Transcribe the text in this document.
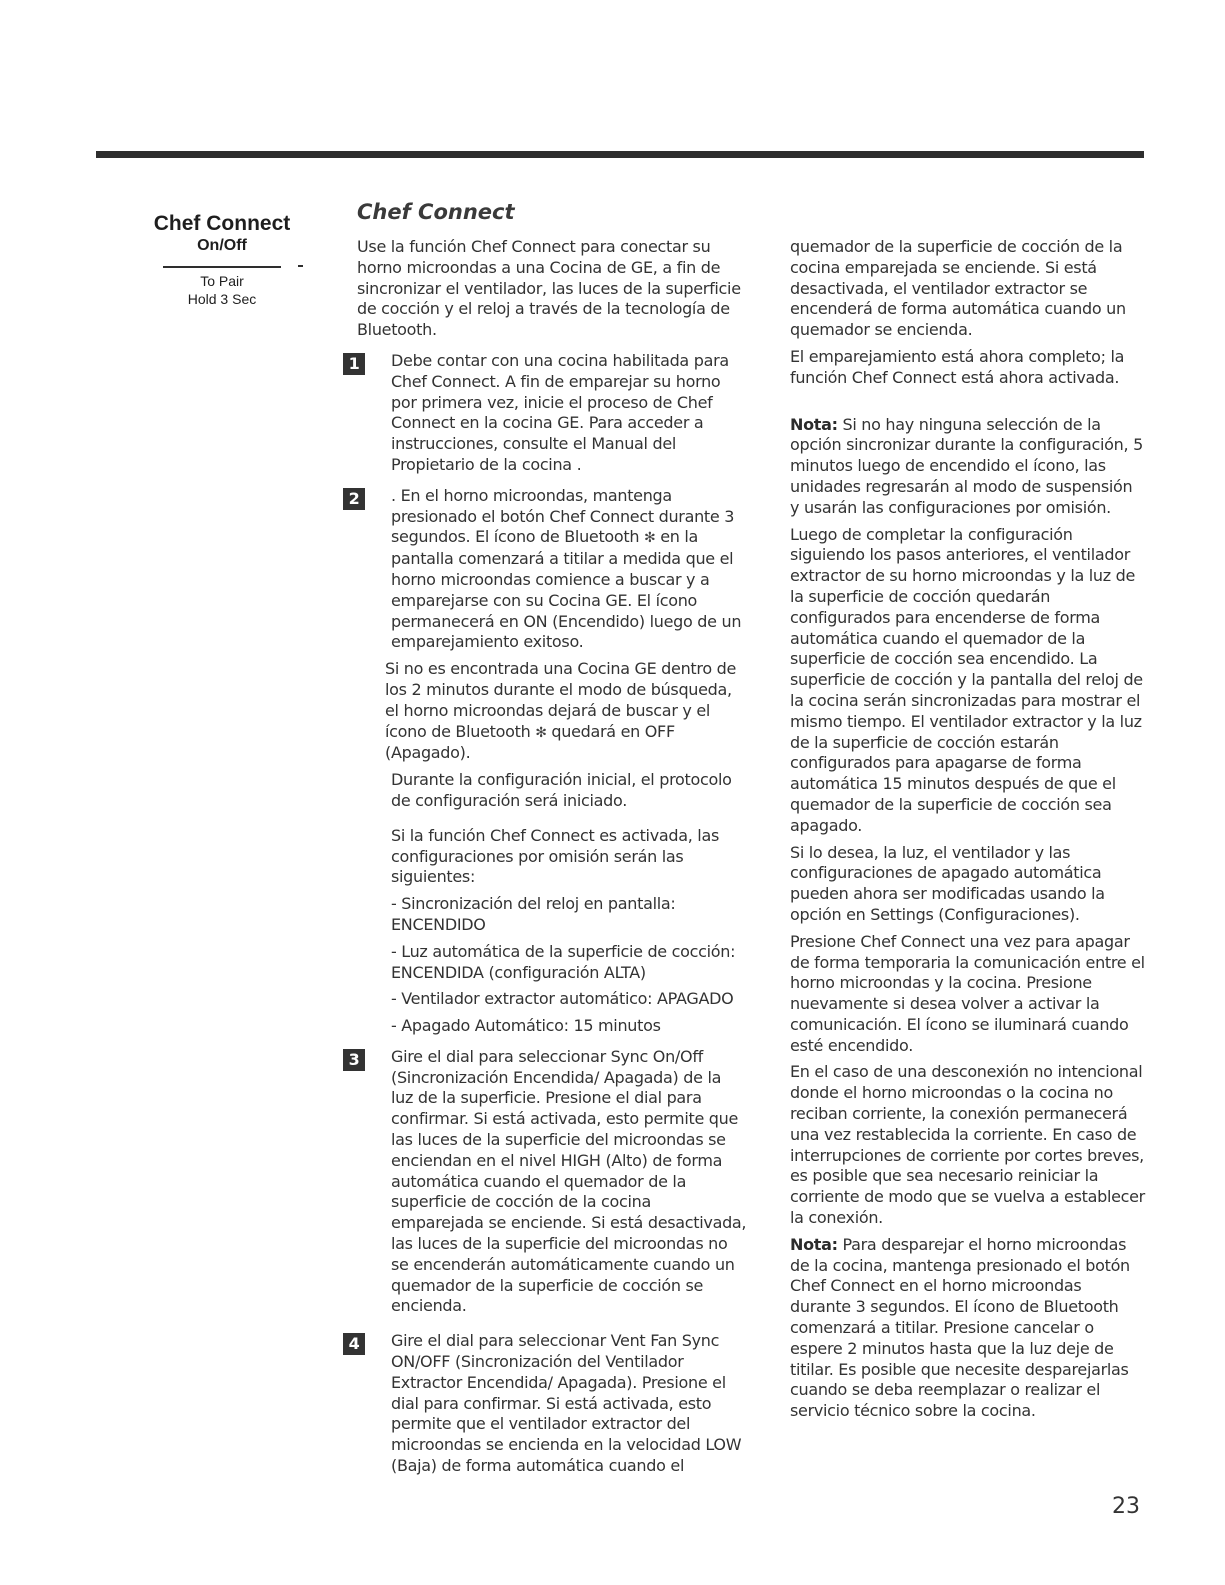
Chef Connect
On/Off
To Pair
Hold 3 Sec
Chef Connect

Use la función Chef Connect para conectar su horno microondas a una Cocina de GE, a fin de sincronizar el ventilador, las luces de la superficie de cocción y el reloj a través de la tecnología de Bluetooth.

1	Debe contar con una cocina habilitada para Chef Connect. A fin de emparejar su horno por primera vez, inicie el proceso de Chef Connect en la cocina GE. Para acceder a instrucciones, consulte el Manual del Propietario de la cocina .
2	. En el horno microondas, mantenga presionado el botón Chef Connect durante 3 segundos. El ícono de Bluetooth ✻ en la pantalla comenzará a titilar a medida que el horno microondas comience a buscar y a emparejarse con su Cocina GE. El ícono permanecerá en ON (Encendido) luego de un emparejamiento exitoso.

Si no es encontrada una Cocina GE dentro de los 2 minutos durante el modo de búsqueda, el horno microondas dejará de buscar y el ícono de Bluetooth ✻ quedará en OFF (Apagado).

Durante la configuración inicial, el protocolo de configuración será iniciado.

Si la función Chef Connect es activada, las configuraciones por omisión serán las siguientes:

- Sincronización del reloj en pantalla: ENCENDIDO

- Luz automática de la superficie de cocción: ENCENDIDA (configuración ALTA)

- Ventilador extractor automático: APAGADO

- Apagado Automático: 15 minutos

3	Gire el dial para seleccionar Sync On/Off (Sincronización Encendida/ Apagada) de la luz de la superficie. Presione el dial para confirmar. Si está activada, esto permite que las luces de la superficie del microondas se enciendan en el nivel HIGH (Alto) de forma automática cuando el quemador de la superficie de cocción de la cocina emparejada se enciende. Si está desactivada, las luces de la superficie del microondas no se encenderán automáticamente cuando un quemador de la superficie de cocción se encienda.
4	Gire el dial para seleccionar Vent Fan Sync ON/OFF (Sincronización del Ventilador Extractor Encendida/ Apagada). Presione el dial para confirmar. Si está activada, esto permite que el ventilador extractor del microondas se encienda en la velocidad LOW (Baja) de forma automática cuando el

quemador de la superficie de cocción de la cocina emparejada se enciende. Si está desactivada, el ventilador extractor se encenderá de forma automática cuando un quemador se encienda.

El emparejamiento está ahora completo; la función Chef Connect está ahora activada.

Nota: Si no hay ninguna selección de la opción sincronizar durante la configuración, 5 minutos luego de encendido el ícono, las unidades regresarán al modo de suspensión y usarán las configuraciones por omisión.

Luego de completar la configuración siguiendo los pasos anteriores, el ventilador extractor de su horno microondas y la luz de la superficie de cocción quedarán configurados para encenderse de forma automática cuando el quemador de la superficie de cocción sea encendido. La superficie de cocción y la pantalla del reloj de la cocina serán sincronizadas para mostrar el mismo tiempo. El ventilador extractor y la luz de la superficie de cocción estarán configurados para apagarse de forma automática 15 minutos después de que el quemador de la superficie de cocción sea apagado.

Si lo desea, la luz, el ventilador y las configuraciones de apagado automática pueden ahora ser modificadas usando la opción en Settings (Configuraciones).

Presione Chef Connect una vez para apagar de forma temporaria la comunicación entre el horno microondas y la cocina. Presione nuevamente si desea volver a activar la comunicación. El ícono se iluminará cuando esté encendido.

En el caso de una desconexión no intencional donde el horno microondas o la cocina no reciban corriente, la conexión permanecerá una vez restablecida la corriente. En caso de interrupciones de corriente por cortes breves, es posible que sea necesario reiniciar la corriente de modo que se vuelva a establecer la conexión.

Nota: Para desparejar el horno microondas de la cocina, mantenga presionado el botón Chef Connect en el horno microondas durante 3 segundos. El ícono de Bluetooth comenzará a titilar. Presione cancelar o espere 2 minutos hasta que la luz deje de titilar. Es posible que necesite desparejarlas cuando se deba reemplazar o realizar el servicio técnico sobre la cocina.

23
